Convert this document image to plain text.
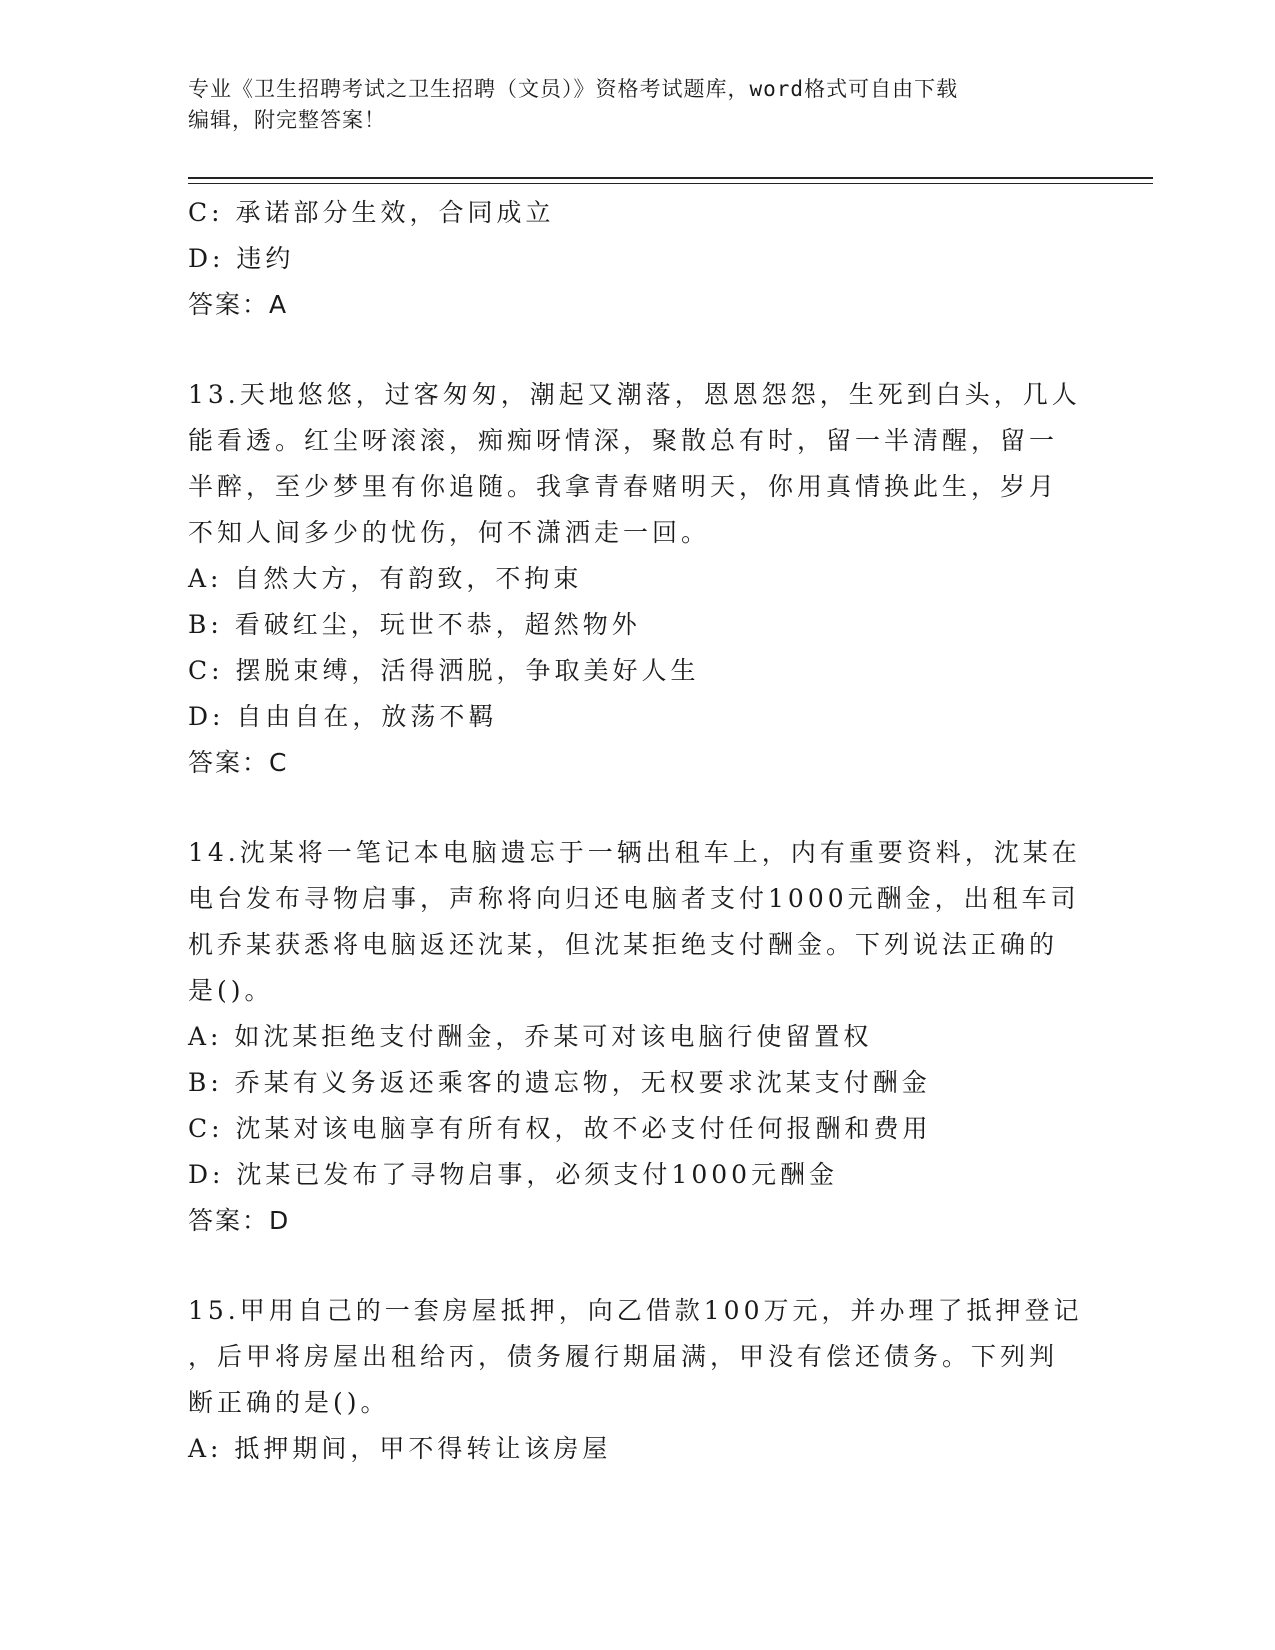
专业《卫生招聘考试之卫生招聘（文员）》资格考试题库，word格式可自由下载
编辑，附完整答案！
C: 承诺部分生效，合同成立
D: 违约
答案：A
13.天地悠悠，过客匆匆，潮起又潮落，恩恩怨怨，生死到白头，几人
能看透。红尘呀滚滚，痴痴呀情深，聚散总有时，留一半清醒，留一
半醉，至少梦里有你追随。我拿青春赌明天，你用真情换此生，岁月
不知人间多少的忧伤，何不潇洒走一回。
A: 自然大方，有韵致，不拘束
B: 看破红尘，玩世不恭，超然物外
C: 摆脱束缚，活得洒脱，争取美好人生
D: 自由自在，放荡不羁
答案：C
14.沈某将一笔记本电脑遗忘于一辆出租车上，内有重要资料，沈某在
电台发布寻物启事，声称将向归还电脑者支付1000元酬金，出租车司
机乔某获悉将电脑返还沈某，但沈某拒绝支付酬金。下列说法正确的
是()。
A: 如沈某拒绝支付酬金，乔某可对该电脑行使留置权
B: 乔某有义务返还乘客的遗忘物，无权要求沈某支付酬金
C: 沈某对该电脑享有所有权，故不必支付任何报酬和费用
D: 沈某已发布了寻物启事，必须支付1000元酬金
答案：D
15.甲用自己的一套房屋抵押，向乙借款100万元，并办理了抵押登记
，后甲将房屋出租给丙，债务履行期届满，甲没有偿还债务。下列判
断正确的是()。
A: 抵押期间，甲不得转让该房屋
